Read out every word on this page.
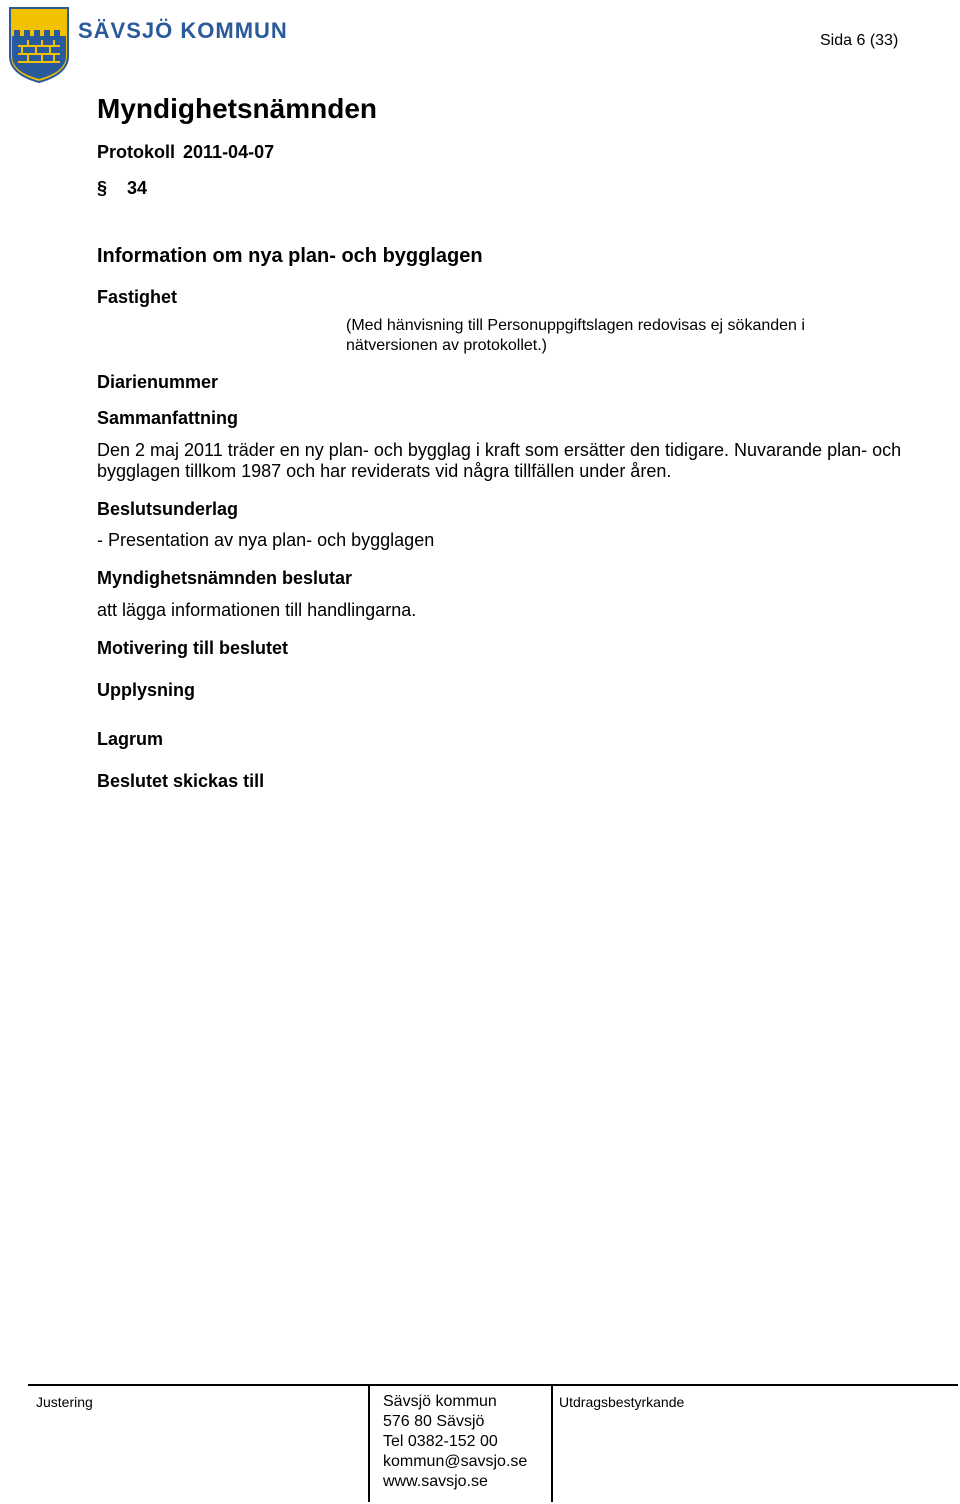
SÄVSJÖ KOMMUN	Sida 6 (33)
Myndighetsnämnden
Protokoll 2011-04-07
§ 34
Information om nya plan- och bygglagen
Fastighet
(Med hänvisning till Personuppgiftslagen redovisas ej sökanden i nätversionen av protokollet.)
Diarienummer
Sammanfattning
Den 2 maj 2011 träder en ny plan- och bygglag i kraft som ersätter den tidigare. Nuvarande plan- och bygglagen tillkom 1987 och har reviderats vid några tillfällen under åren.
Beslutsunderlag
- Presentation av nya plan- och bygglagen
Myndighetsnämnden beslutar
att lägga informationen till handlingarna.
Motivering till beslutet
Upplysning
Lagrum
Beslutet skickas till
Justering	Sävsjö kommun
576 80 Sävsjö
Tel 0382-152 00
kommun@savsjo.se
www.savsjo.se
Utdragsbestyrkande
